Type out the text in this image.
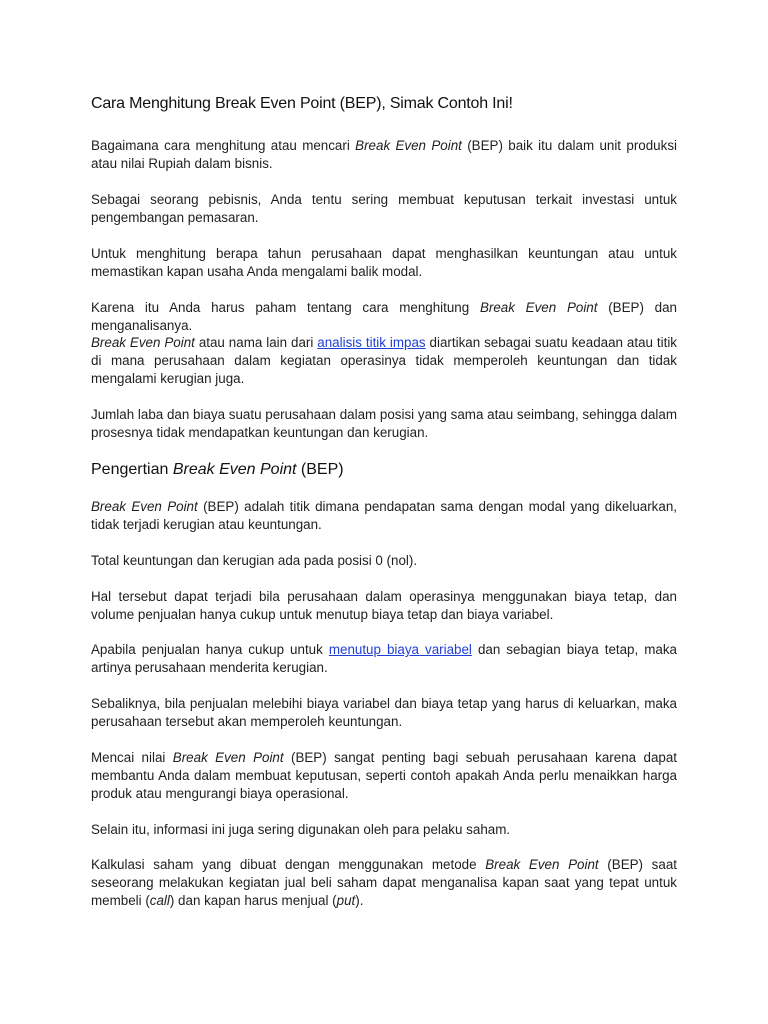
Cara Menghitung Break Even Point (BEP), Simak Contoh Ini!

Bagaimana cara menghitung atau mencari Break Even Point (BEP) baik itu dalam unit produksi atau nilai Rupiah dalam bisnis.

Sebagai seorang pebisnis, Anda tentu sering membuat keputusan terkait investasi untuk pengembangan pemasaran.

Untuk menghitung berapa tahun perusahaan dapat menghasilkan keuntungan atau untuk memastikan kapan usaha Anda mengalami balik modal.

Karena itu Anda harus paham tentang cara menghitung Break Even Point (BEP) dan menganalisanya.

Break Even Point atau nama lain dari analisis titik impas diartikan sebagai suatu keadaan atau titik di mana perusahaan dalam kegiatan operasinya tidak memperoleh keuntungan dan tidak mengalami kerugian juga.

Jumlah laba dan biaya suatu perusahaan dalam posisi yang sama atau seimbang, sehingga dalam prosesnya tidak mendapatkan keuntungan dan kerugian.

Pengertian Break Even Point (BEP)

Break Even Point (BEP) adalah titik dimana pendapatan sama dengan modal yang dikeluarkan, tidak terjadi kerugian atau keuntungan.

Total keuntungan dan kerugian ada pada posisi 0 (nol).

Hal tersebut dapat terjadi bila perusahaan dalam operasinya menggunakan biaya tetap, dan volume penjualan hanya cukup untuk menutup biaya tetap dan biaya variabel.

Apabila penjualan hanya cukup untuk menutup biaya variabel dan sebagian biaya tetap, maka artinya perusahaan menderita kerugian.

Sebaliknya, bila penjualan melebihi biaya variabel dan biaya tetap yang harus di keluarkan, maka perusahaan tersebut akan memperoleh keuntungan.

Mencai nilai Break Even Point (BEP) sangat penting bagi sebuah perusahaan karena dapat membantu Anda dalam membuat keputusan, seperti contoh apakah Anda perlu menaikkan harga produk atau mengurangi biaya operasional.

Selain itu, informasi ini juga sering digunakan oleh para pelaku saham.

Kalkulasi saham yang dibuat dengan menggunakan metode Break Even Point (BEP) saat seseorang melakukan kegiatan jual beli saham dapat menganalisa kapan saat yang tepat untuk membeli (call) dan kapan harus menjual (put).
